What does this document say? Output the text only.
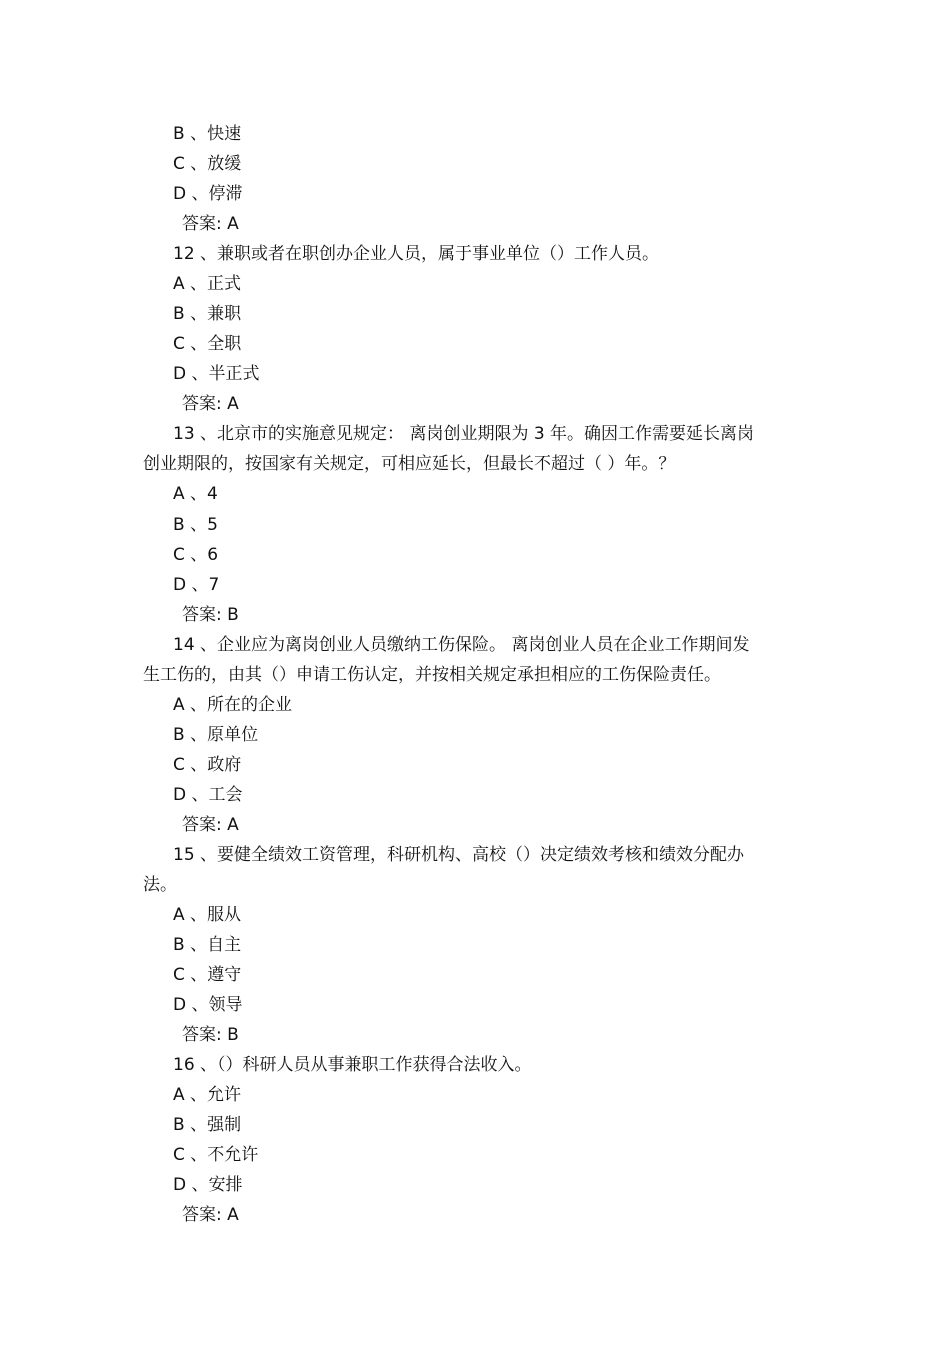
B 、快速
C 、放缓
D 、停滞
答案: A
12 、兼职或者在职创办企业人员，属于事业单位（）工作人员。
A 、正式
B 、兼职
C 、全职
D 、半正式
答案: A
13 、北京市的实施意见规定： 离岗创业期限为 3 年。确因工作需要延长离岗
创业期限的，按国家有关规定，可相应延长，但最长不超过（ ）年。？
A 、4
B 、5
C 、6
D 、7
答案: B
14 、企业应为离岗创业人员缴纳工伤保险。 离岗创业人员在企业工作期间发
生工伤的，由其（）申请工伤认定，并按相关规定承担相应的工伤保险责任。
A 、所在的企业
B 、原单位
C 、政府
D 、工会
答案: A
15 、要健全绩效工资管理，科研机构、高校（）决定绩效考核和绩效分配办
法。
A 、服从
B 、自主
C 、遵守
D 、领导
答案: B
16 、（）科研人员从事兼职工作获得合法收入。
A 、允许
B 、强制
C 、不允许
D 、安排
答案: A
